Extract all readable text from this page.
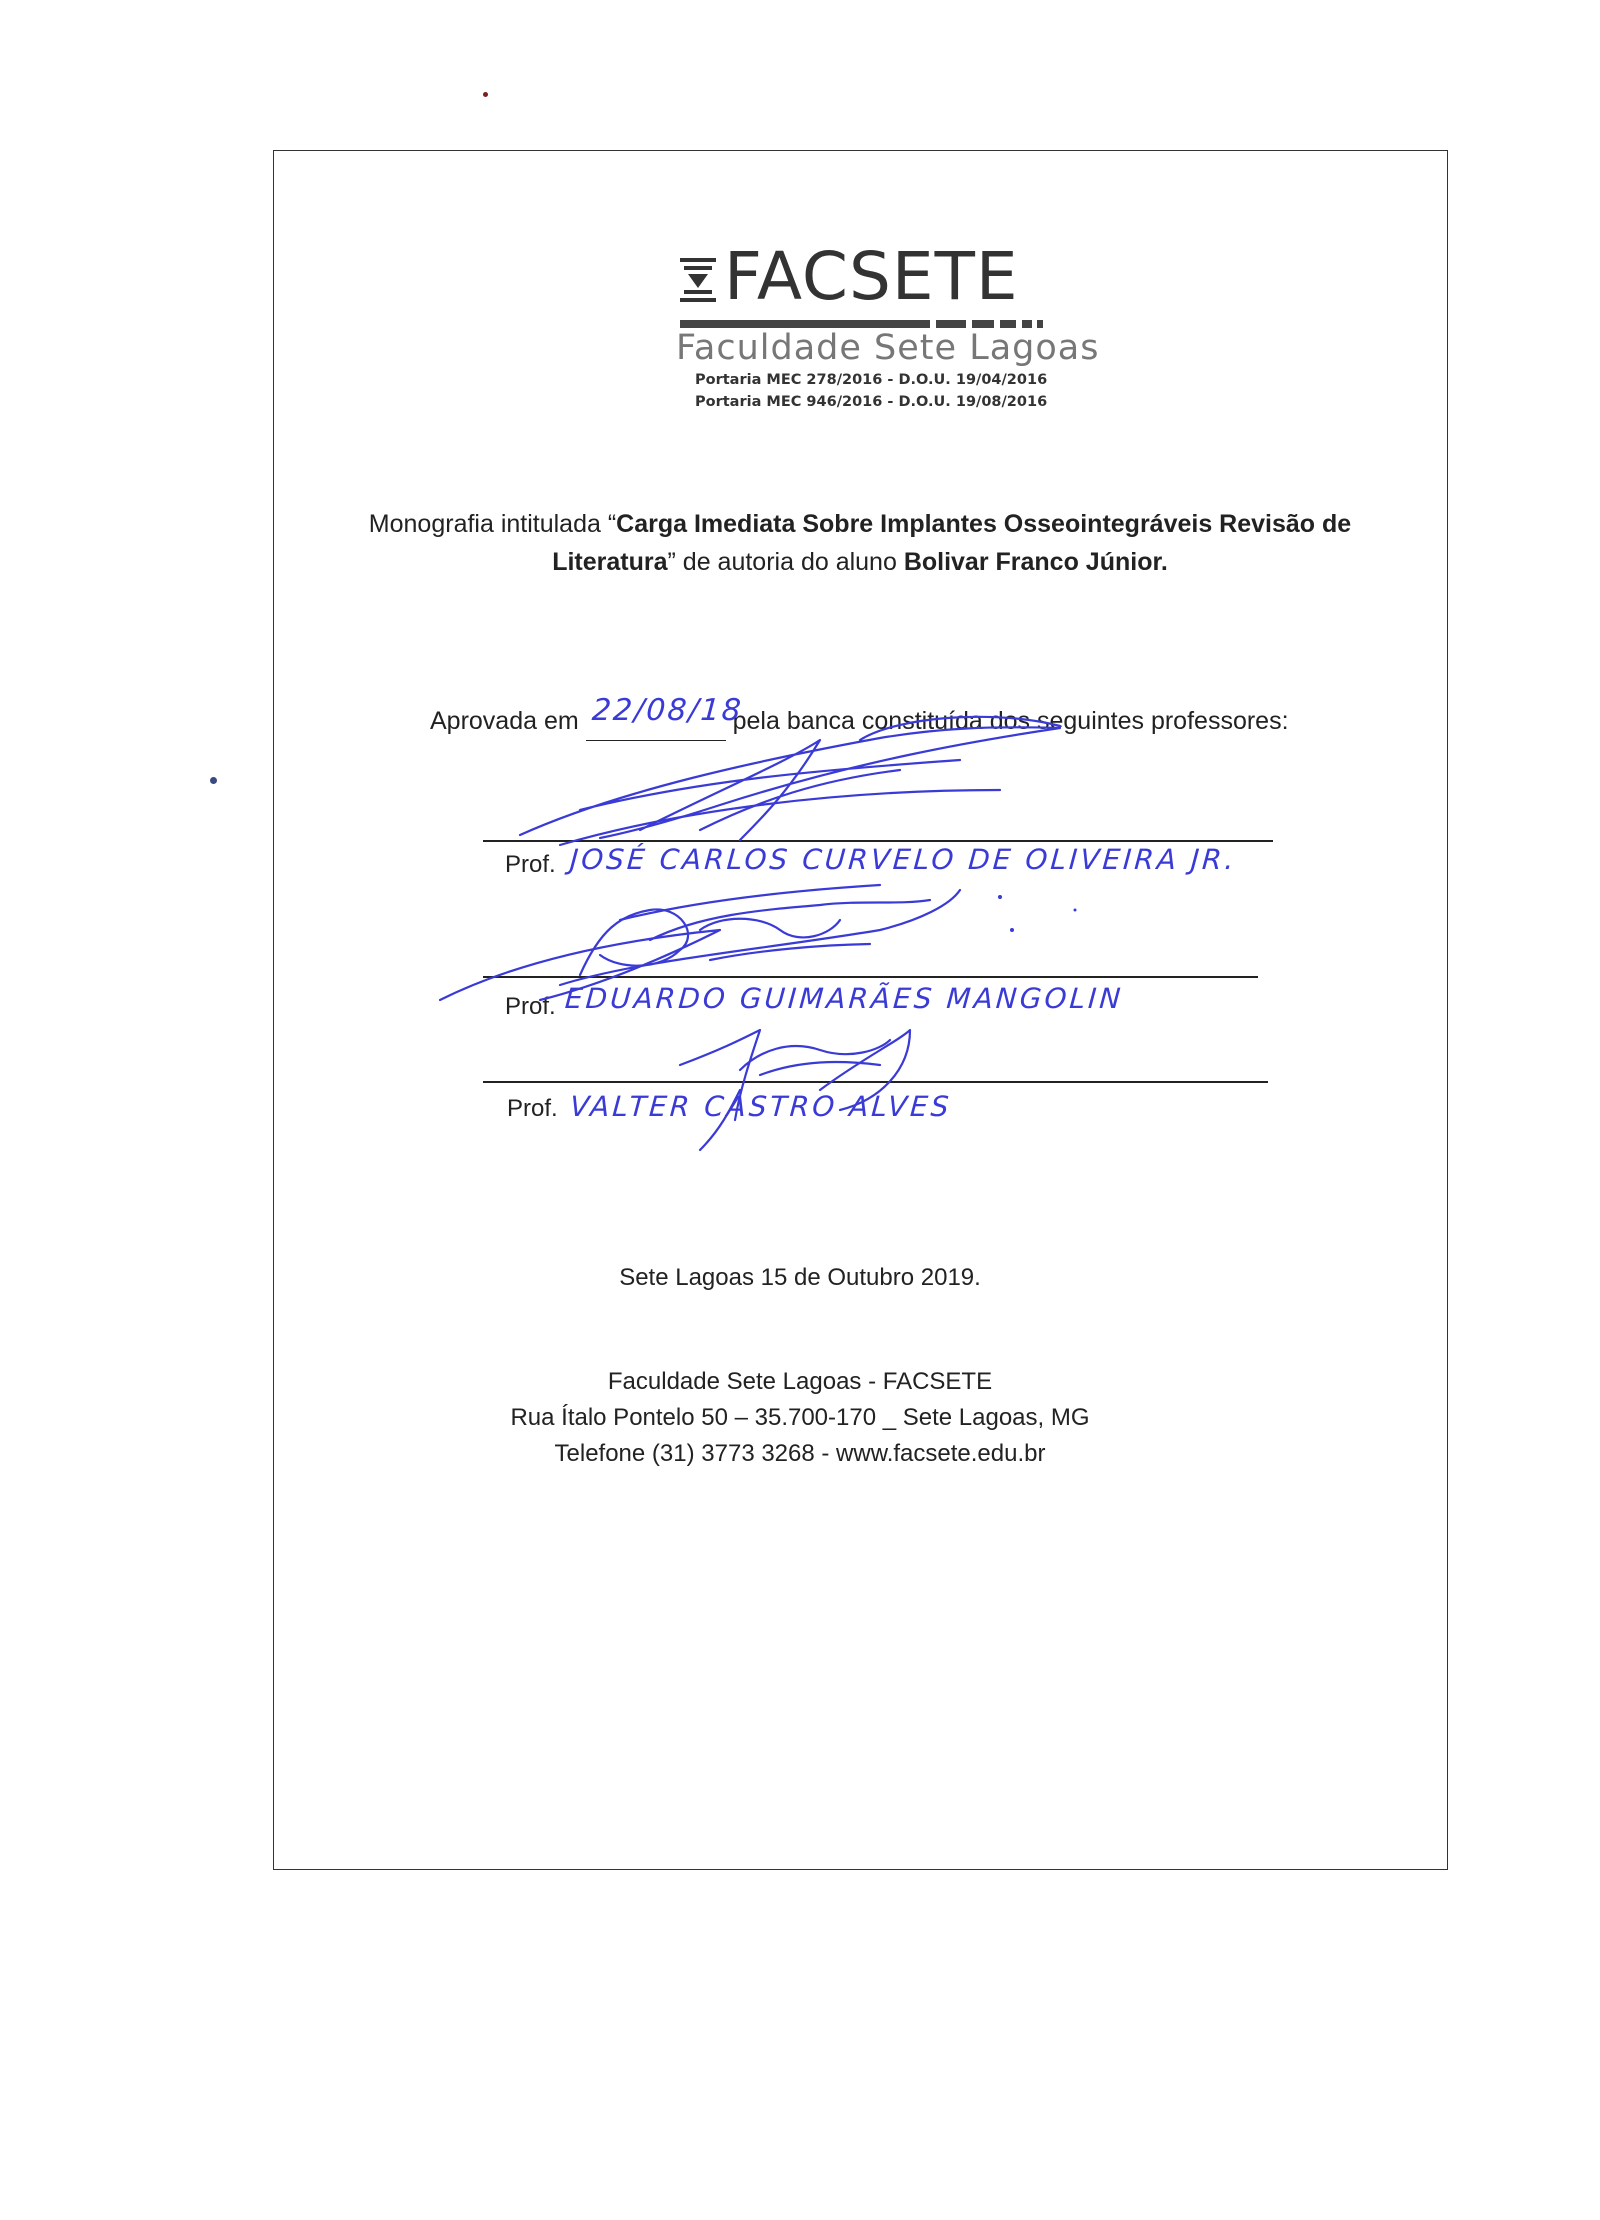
FACSETE
Faculdade Sete Lagoas
Portaria MEC 278/2016 - D.O.U. 19/04/2016
Portaria MEC 946/2016 - D.O.U. 19/08/2016
Monografia intitulada “Carga Imediata Sobre Implantes Osseointegráveis Revisão de Literatura” de autoria do aluno Bolivar Franco Júnior.
Aprovada em 22/08/18
pela banca constituída dos seguintes professores:
Prof. JOSÉ CARLOS CURVELO DE OLIVEIRA JR.
Prof. EDUARDO GUIMARÃES MANGOLIN
Prof. VALTER CASTRO ALVES
Sete Lagoas 15 de Outubro 2019.
Faculdade Sete Lagoas - FACSETE
Rua Ítalo Pontelo 50 – 35.700-170 _ Sete Lagoas, MG
Telefone (31) 3773 3268 - www.facsete.edu.br
